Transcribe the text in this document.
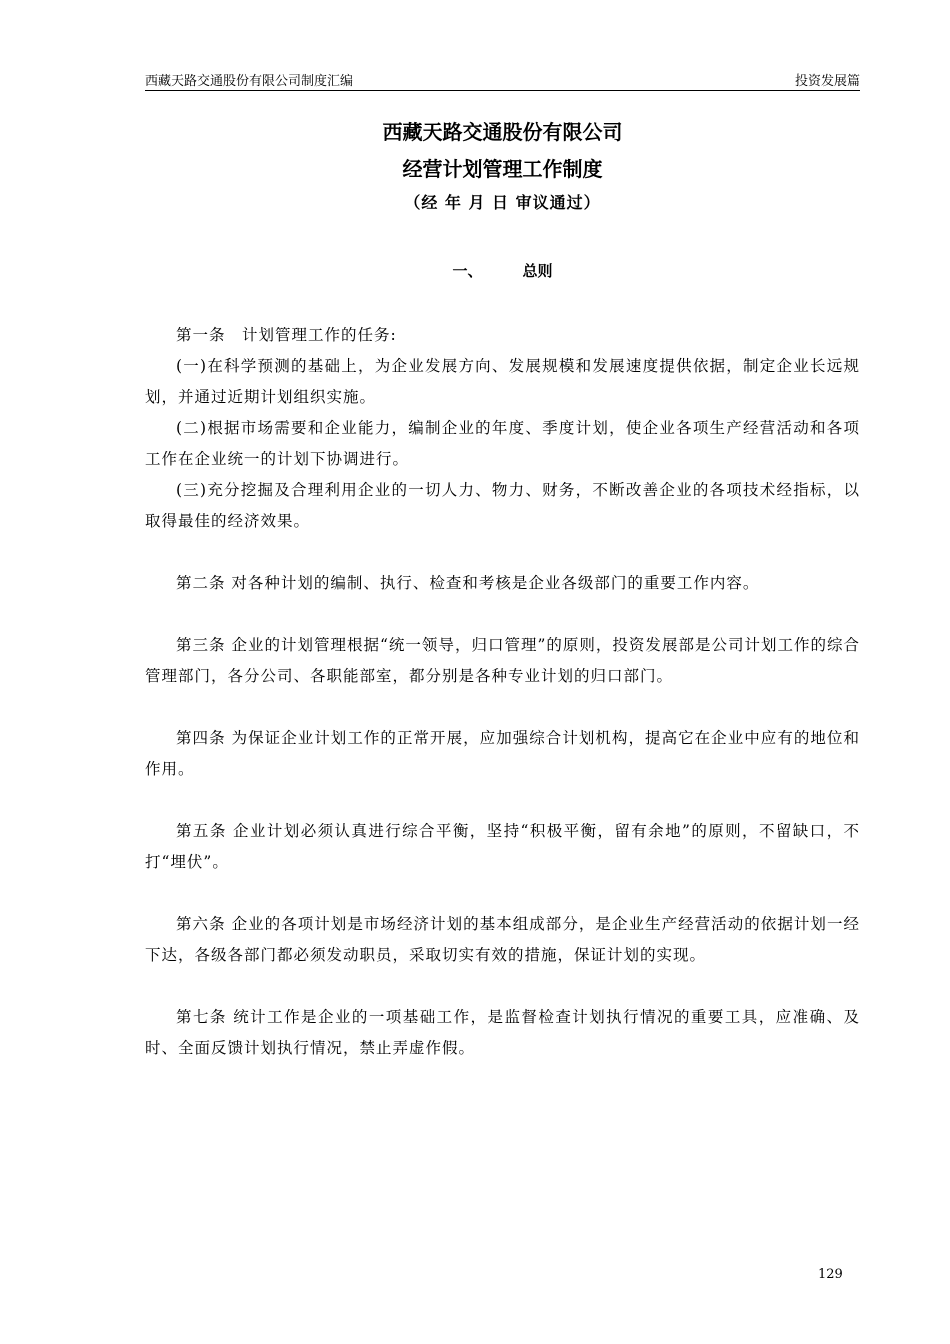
西藏天路交通股份有限公司制度汇编	投资发展篇
西藏天路交通股份有限公司
经营计划管理工作制度
（经 年 月 日 审议通过）
一、	总则

第一条　计划管理工作的任务:

(一)在科学预测的基础上，为企业发展方向、发展规模和发展速度提供依据，制定企业长远规划，并通过近期计划组织实施。

(二)根据市场需要和企业能力，编制企业的年度、季度计划，使企业各项生产经营活动和各项工作在企业统一的计划下协调进行。

(三)充分挖掘及合理利用企业的一切人力、物力、财务，不断改善企业的各项技术经指标，以取得最佳的经济效果。

第二条 对各种计划的编制、执行、检查和考核是企业各级部门的重要工作内容。

第三条 企业的计划管理根据“统一领导，归口管理”的原则，投资发展部是公司计划工作的综合管理部门，各分公司、各职能部室，都分别是各种专业计划的归口部门。

第四条 为保证企业计划工作的正常开展，应加强综合计划机构，提高它在企业中应有的地位和作用。

第五条 企业计划必须认真进行综合平衡，坚持“积极平衡，留有余地”的原则，不留缺口，不打“埋伏”。

第六条 企业的各项计划是市场经济计划的基本组成部分，是企业生产经营活动的依据计划一经下达，各级各部门都必须发动职员，采取切实有效的措施，保证计划的实现。

第七条 统计工作是企业的一项基础工作，是监督检查计划执行情况的重要工具，应准确、及时、全面反馈计划执行情况，禁止弄虚作假。

129
